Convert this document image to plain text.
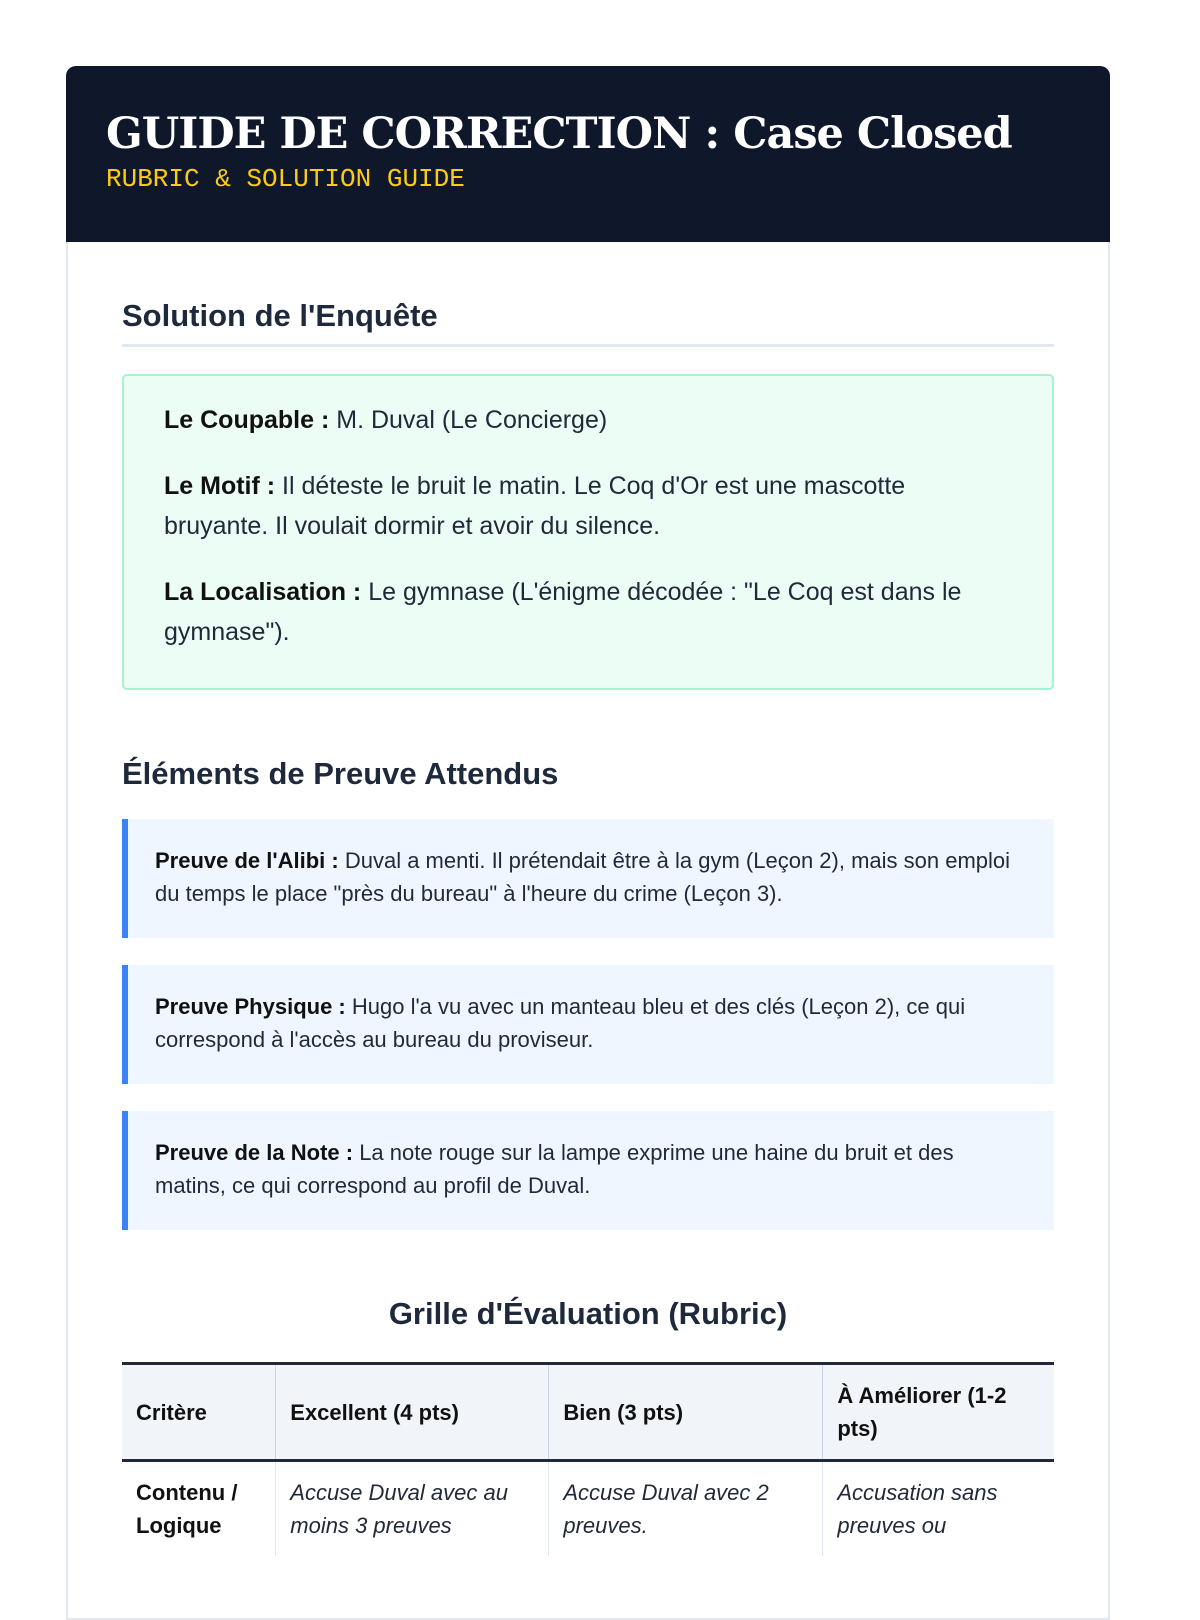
GUIDE DE CORRECTION : Case Closed
RUBRIC & SOLUTION GUIDE
Solution de l'Enquête

Le Coupable : M. Duval (Le Concierge)

Le Motif : Il déteste le bruit le matin. Le Coq d'Or est une mascotte bruyante. Il voulait dormir et avoir du silence.

La Localisation : Le gymnase (L'énigme décodée : "Le Coq est dans le gymnase").

Éléments de Preuve Attendus
Preuve de l'Alibi : Duval a menti. Il prétendait être à la gym (Leçon 2), mais son emploi du temps le place "près du bureau" à l'heure du crime (Leçon 3).
Preuve Physique : Hugo l'a vu avec un manteau bleu et des clés (Leçon 2), ce qui correspond à l'accès au bureau du proviseur.
Preuve de la Note : La note rouge sur la lampe exprime une haine du bruit et des matins, ce qui correspond au profil de Duval.
Grille d'Évaluation (Rubric)
Critère	Excellent (4 pts)	Bien (3 pts)	À Améliorer (1-2 pts)
Contenu / Logique	Accuse Duval avec au moins 3 preuves	Accuse Duval avec 2 preuves.	Accusation sans preuves ou
